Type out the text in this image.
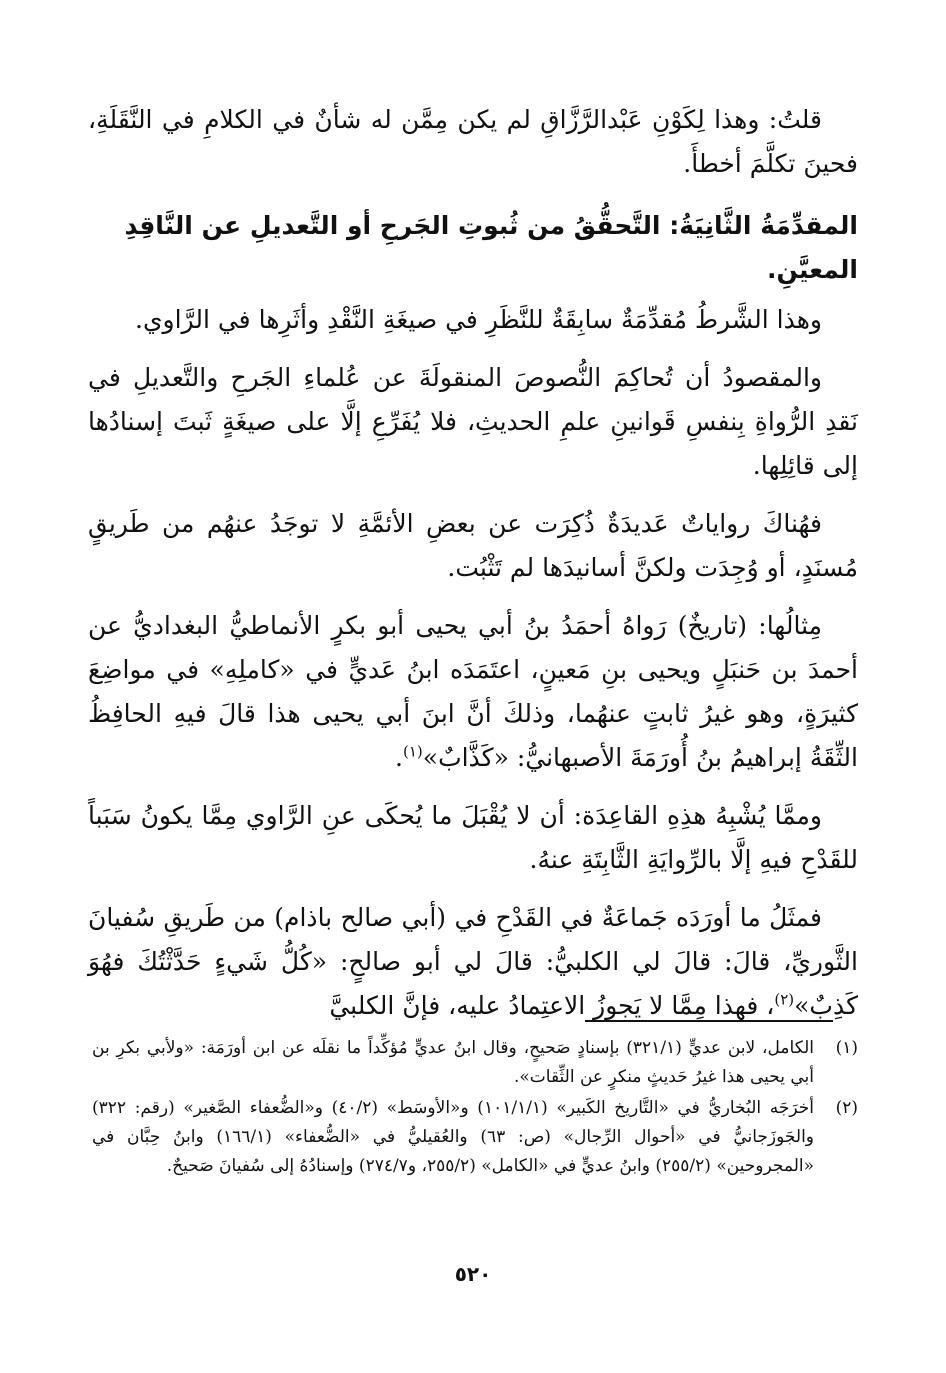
قلتُ: وهذا لِكَوْنِ عَبْدالرَّزَّاقِ لم يكن مِمَّن له شأنٌ في الكلامِ في النَّقَلَةِ، فحينَ تكلَّمَ أخطأَ.

المقدِّمَةُ الثَّانِيَةُ: التَّحقُّقُ من ثُبوتِ الجَرحِ أو التَّعديلِ عن النَّاقِدِ المعيَّنِ.

وهذا الشَّرطُ مُقدِّمَةٌ سابِقَةٌ للنَّظَرِ في صيغَةِ النَّقْدِ وأثَرِها في الرَّاوي.

والمقصودُ أن تُحاكِمَ النُّصوصَ المنقولَةَ عن عُلماءِ الجَرحِ والتَّعديلِ في نَقدِ الرُّواةِ بِنفسِ قَوانينِ علمِ الحديثِ، فلا يُفَرِّعِ إلَّا على صيغَةٍ ثَبتَ إسنادُها إلى قائِلِها.

فهُناكَ رواياتٌ عَديدَةٌ ذُكِرَت عن بعضِ الأئمَّةِ لا توجَدُ عنهُم من طَريقٍ مُسنَدٍ، أو وُجِدَت ولكنَّ أسانيدَها لم تَثْبُت.

مِثالُها: (تاريخٌ) رَواهُ أحمَدُ بنُ أبي يحيى أبو بكرٍ الأنماطيُّ البغداديُّ عن أحمدَ بن حَنبَلٍ ويحيى بنِ مَعينٍ، اعتَمَدَه ابنُ عَديٍّ في «كاملِهِ» في مواضِعَ كثيرَةٍ، وهو غيرُ ثابتٍ عنهُما، وذلكَ أنَّ ابنَ أبي يحيى هذا قالَ فيهِ الحافِظُ الثِّقَةُ إبراهيمُ بنُ أُورَمَةَ الأصبهانيُّ: «كَذَّابٌ»$^{(١)}$.

وممَّا يُشْبِهُ هذِهِ القاعِدَة: أن لا يُقْبَلَ ما يُحكَى عنِ الرَّاوي مِمَّا يكونُ سَبَباً للقَدْحِ فيهِ إلَّا بالرِّوايَةِ الثَّابِتَةِ عنهُ.

فمثَلُ ما أورَدَه جَماعَةٌ في القَدْحِ في (أبي صالح باذام) من طَريقِ سُفيانَ الثَّوريِّ، قالَ: قالَ لي الكلبيُّ: قالَ لي أبو صالحٍ: «كُلُّ شَيءٍ حَدَّثْتُكَ فهُوَ كَذِبٌ»$^{(٢)}$، فهذا مِمَّا لا يَجوزُ الاعتِمادُ عليه، فإنَّ الكلبيَّ

(١)
الكامل، لابن عديٍّ (٣٢١/١) بإسنادٍ صَحيحٍ، وقال ابنُ عديٍّ مُؤكِّداً ما نقلَه عن ابن أورَمَة: «ولأبي بكرِ بن أبي يحيى هذا غيرُ حَديثٍ منكرٍ عن الثِّقات».
(٢)
أخرَجَه البُخاريُّ في «التَّاريخ الكَبير» (١٠١/١/١) و«الأوسَط» (٤٠/٢) و«الضُّعفاء الصَّغير» (رقم: ٣٢٢) والجَوزَجانيُّ في «أحوال الرِّجال» (ص: ٦٣) والعُقيليُّ في «الضُّعفاء» (١٦٦/١) وابنُ حِبَّان في «المجروحين» (٢٥٥/٢) وابنُ عديٍّ في «الكامل» (٢٥٥/٢، و٢٧٤/٧) وإسنادُهُ إلى سُفيانَ صَحيحٌ.
٥٢٠
